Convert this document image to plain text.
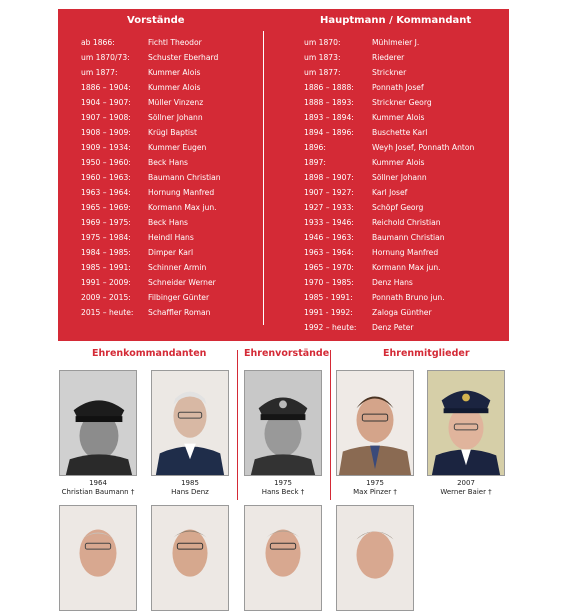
Vorstände	Hauptmann / Kommandant
ab 1866:	Fichtl Theodor
um 1870/73: Schuster Eberhard
um 1877:	Kummer Alois
1886 – 1904: Kummer Alois
1904 – 1907: Müller Vinzenz
1907 – 1908: Söllner Johann
1908 – 1909: Krügl Baptist
1909 – 1934: Kummer Eugen
1950 – 1960: Beck Hans
1960 – 1963: Baumann Christian
1963 – 1964: Hornung Manfred
1965 – 1969: Kormann Max jun.
1969 – 1975: Beck Hans
1975 – 1984: Heindl Hans
1984 – 1985: Dimper Karl
1985 – 1991: Schinner Armin
1991 – 2009: Schneider Werner
2009 – 2015: Filbinger Günter
2015 – heute: Schaffler Roman
um 1870:	Mühlmeier J.
um 1873:	Riederer
um 1877:	Strickner
1886 – 1888: Ponnath Josef
1888 – 1893: Strickner Georg
1893 – 1894: Kummer Alois
1894 – 1896: Buschette Karl
1896:	Weyh Josef, Ponnath Anton
1897:	Kummer Alois
1898 – 1907: Söllner Johann
1907 – 1927: Karl Josef
1927 – 1933: Schöpf Georg
1933 – 1946: Reichold Christian
1946 – 1963: Baumann Christian
1963 – 1964: Hornung Manfred
1965 – 1970: Kormann Max jun.
1970 – 1985: Denz Hans
1985 - 1991:	Ponnath Bruno jun.
1991 - 1992:	Zaloga Günther
1992 – heute: Denz Peter
Ehrenkommandanten	Ehrenvorstände	Ehrenmitglieder
1964
Christian Baumann †
1985
Hans Denz
1975
Hans Beck †
1975
Max Pinzer †
2007
Werner Baier †
